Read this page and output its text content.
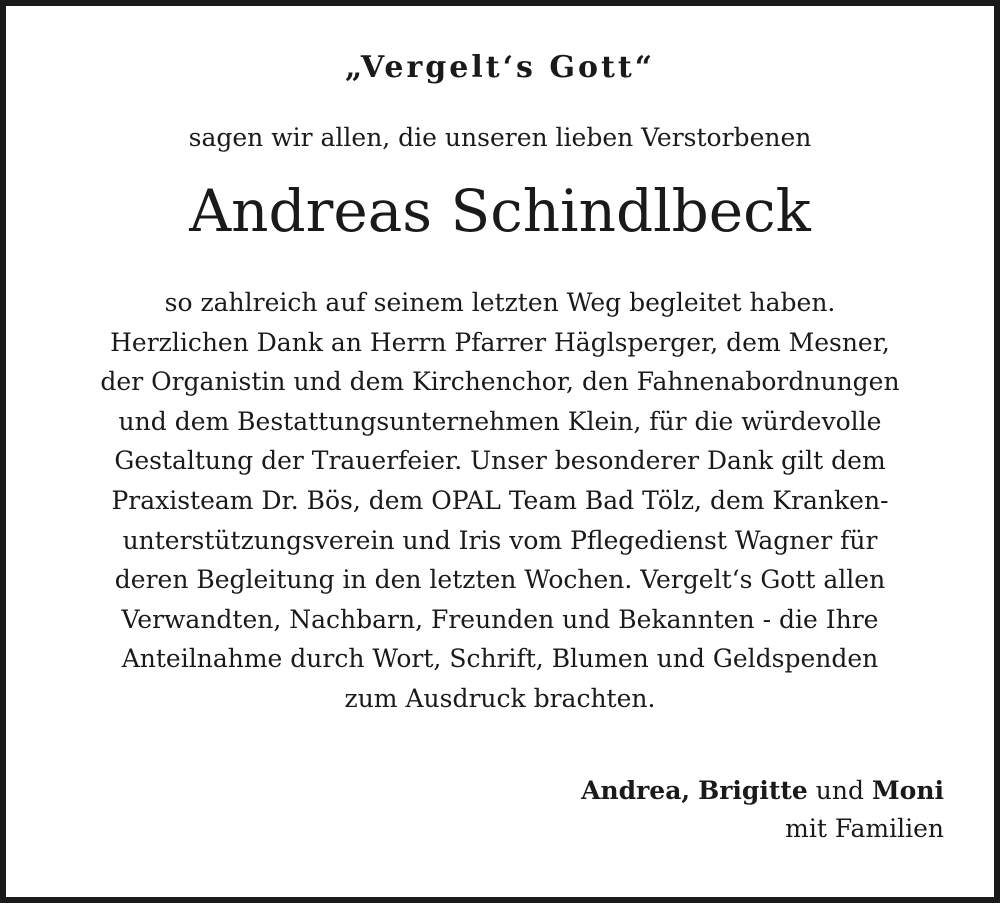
„Vergelt‘s Gott“
sagen wir allen, die unseren lieben Verstorbenen
Andreas Schindlbeck
so zahlreich auf seinem letzten Weg begleitet haben.
Herzlichen Dank an Herrn Pfarrer Häglsperger, dem Mesner,
der Organistin und dem Kirchenchor, den Fahnenabordnungen
und dem Bestattungsunternehmen Klein, für die würdevolle
Gestaltung der Trauerfeier. Unser besonderer Dank gilt dem
Praxisteam Dr. Bös, dem OPAL Team Bad Tölz, dem Kranken-
unterstützungsverein und Iris vom Pflegedienst Wagner für
deren Begleitung in den letzten Wochen. Vergelt‘s Gott allen
Verwandten, Nachbarn, Freunden und Bekannten - die Ihre
Anteilnahme durch Wort, Schrift, Blumen und Geldspenden
zum Ausdruck brachten.
Andrea, Brigitte und Moni
mit Familien
